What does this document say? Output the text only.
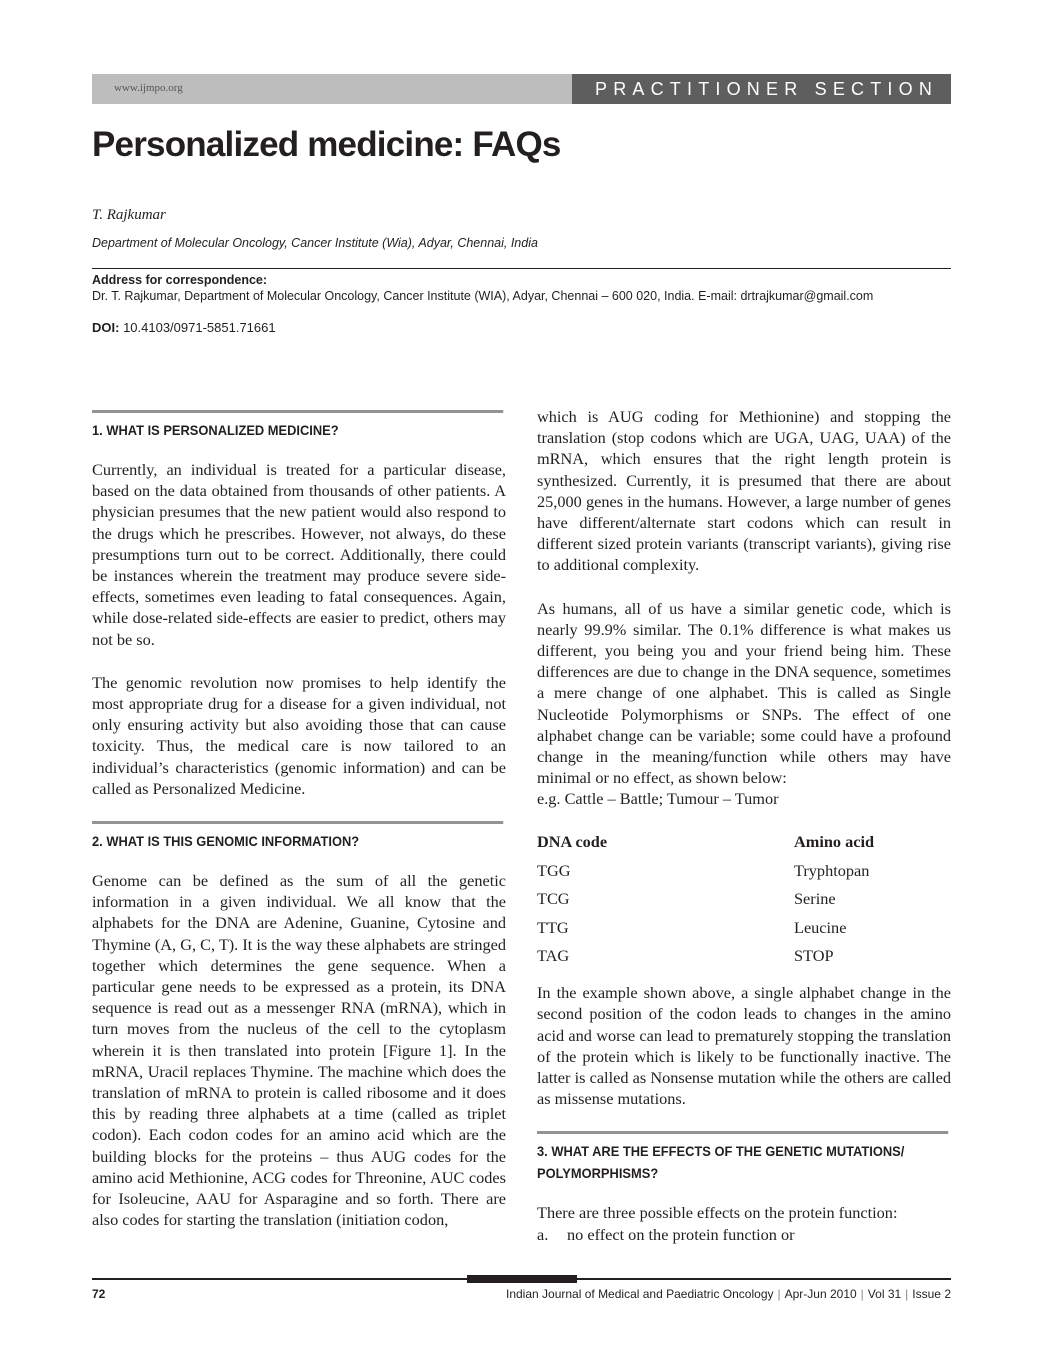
www.ijmpo.org	PRACTITIONER SECTION
Personalized medicine: FAQs
T. Rajkumar
Department of Molecular Oncology, Cancer Institute (Wia), Adyar, Chennai, India
Address for correspondence:
Dr. T. Rajkumar, Department of Molecular Oncology, Cancer Institute (WIA), Adyar, Chennai – 600 020, India. E-mail: drtrajkumar@gmail.com
DOI: 10.4103/0971-5851.71661
1. WHAT IS PERSONALIZED MEDICINE?

Currently, an individual is treated for a particular disease, based on the data obtained from thousands of other patients. A physician presumes that the new patient would also respond to the drugs which he prescribes. However, not always, do these presumptions turn out to be correct. Additionally, there could be instances wherein the treatment may produce severe side-effects, sometimes even leading to fatal consequences. Again, while dose-related side-effects are easier to predict, others may not be so.

The genomic revolution now promises to help identify the most appropriate drug for a disease for a given individual, not only ensuring activity but also avoiding those that can cause toxicity. Thus, the medical care is now tailored to an individual’s characteristics (genomic information) and can be called as Personalized Medicine.

2. WHAT IS THIS GENOMIC INFORMATION?

Genome can be defined as the sum of all the genetic information in a given individual. We all know that the alphabets for the DNA are Adenine, Guanine, Cytosine and Thymine (A, G, C, T). It is the way these alphabets are stringed together which determines the gene sequence. When a particular gene needs to be expressed as a protein, its DNA sequence is read out as a messenger RNA (mRNA), which in turn moves from the nucleus of the cell to the cytoplasm wherein it is then translated into protein [Figure 1]. In the mRNA, Uracil replaces Thymine. The machine which does the translation of mRNA to protein is called ribosome and it does this by reading three alphabets at a time (called as triplet codon). Each codon codes for an amino acid which are the building blocks for the proteins – thus AUG codes for the amino acid Methionine, ACG codes for Threonine, AUC codes for Isoleucine, AAU for Asparagine and so forth. There are also codes for starting the translation (initiation codon,

which is AUG coding for Methionine) and stopping the translation (stop codons which are UGA, UAG, UAA) of the mRNA, which ensures that the right length protein is synthesized. Currently, it is presumed that there are about 25,000 genes in the humans. However, a large number of genes have different/alternate start codons which can result in different sized protein variants (transcript variants), giving rise to additional complexity.

As humans, all of us have a similar genetic code, which is nearly 99.9% similar. The 0.1% difference is what makes us different, you being you and your friend being him. These differences are due to change in the DNA sequence, sometimes a mere change of one alphabet. This is called as Single Nucleotide Polymorphisms or SNPs. The effect of one alphabet change can be variable; some could have a profound change in the meaning/function while others may have minimal or no effect, as shown below:

e.g. Cattle – Battle; Tumour – Tumor

DNA code	Amino acid
TGG	Tryphtopan
TCG	Serine
TTG	Leucine
TAG	STOP

In the example shown above, a single alphabet change in the second position of the codon leads to changes in the amino acid and worse can lead to prematurely stopping the translation of the protein which is likely to be functionally inactive. The latter is called as Nonsense mutation while the others are called as missense mutations.

3. WHAT ARE THE EFFECTS OF THE GENETIC MUTATIONS/ POLYMORPHISMS?

There are three possible effects on the protein function:

a.	no effect on the protein function or
72	Indian Journal of Medical and Paediatric Oncology | Apr-Jun 2010 | Vol 31 | Issue 2
